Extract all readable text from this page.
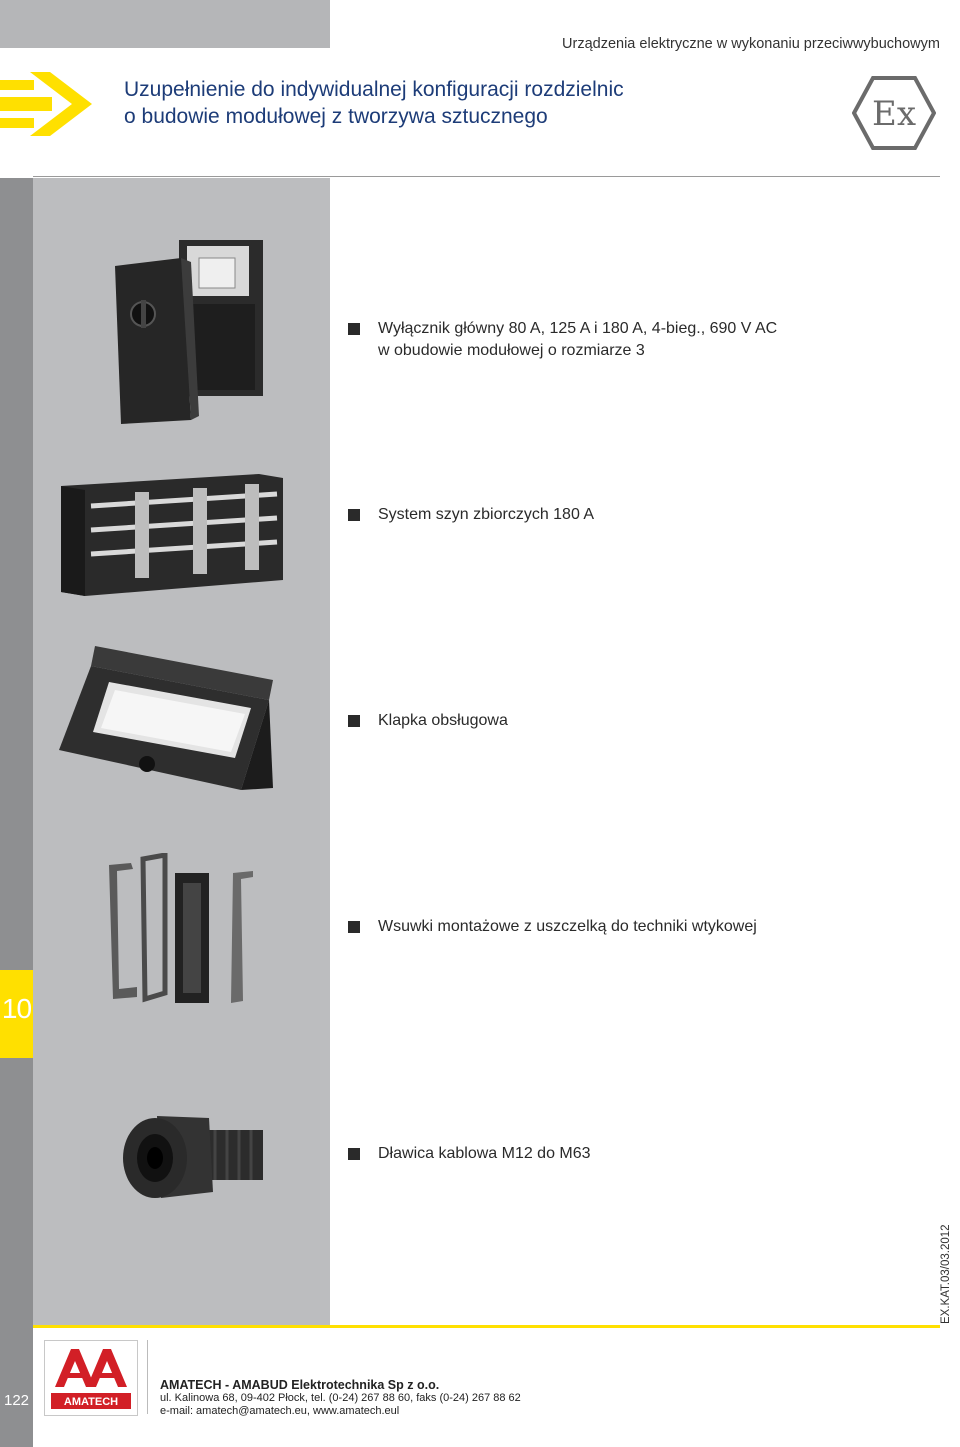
Urządzenia elektryczne w wykonaniu przeciwwybuchowym
Uzupełnienie do indywidualnej konfiguracji rozdzielnic
o budowie modułowej z tworzywa sztucznego	Ex
10
122
Wyłącznik główny 80 A, 125 A i 180 A, 4-bieg., 690 V AC
w obudowie modułowej o rozmiarze 3
System szyn zbiorczych 180 A
Klapka obsługowa
Wsuwki montażowe z uszczelką do techniki wtykowej
Dławica kablowa M12 do M63
EX.KAT.03/03.2012
AMATECH
AMATECH - AMABUD Elektrotechnika Sp z o.o.
ul. Kalinowa 68, 09-402 Płock, tel. (0-24) 267 88 60, faks (0-24) 267 88 62
e-mail: amatech@amatech.eu, www.amatech.eul
